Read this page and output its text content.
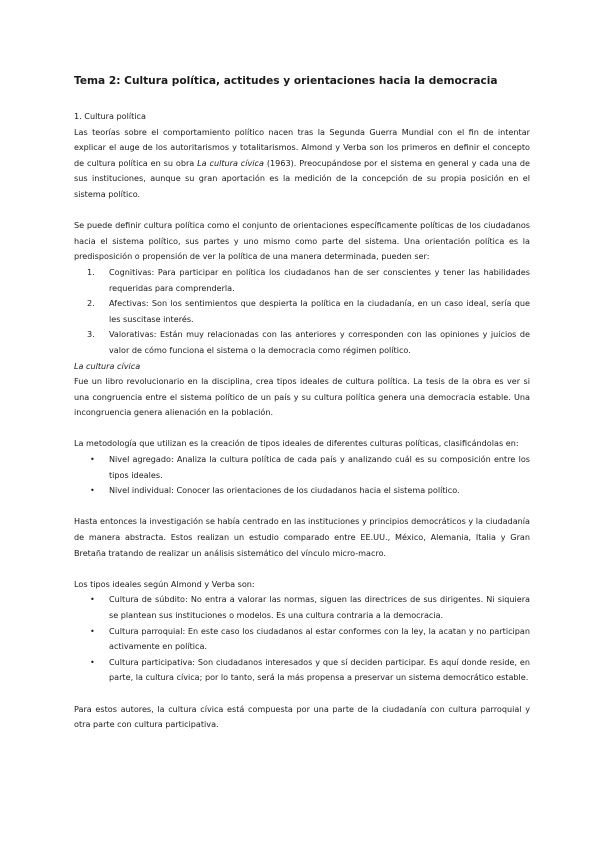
Tema 2: Cultura política, actitudes y orientaciones hacia la democracia

1. Cultura política

Las teorías sobre el comportamiento político nacen tras la Segunda Guerra Mundial con el fin de intentar explicar el auge de los autoritarismos y totalitarismos. Almond y Verba son los primeros en definir el concepto de cultura política en su obra La cultura cívica (1963). Preocupándose por el sistema en general y cada una de sus instituciones, aunque su gran aportación es la medición de la concepción de su propia posición en el sistema político.

Se puede definir cultura política como el conjunto de orientaciones específicamente políticas de los ciudadanos hacia el sistema político, sus partes y uno mismo como parte del sistema. Una orientación política es la predisposición o propensión de ver la política de una manera determinada, pueden ser:

1. Cognitivas: Para participar en política los ciudadanos han de ser conscientes y tener las habilidades requeridas para comprenderla.
2. Afectivas: Son los sentimientos que despierta la política en la ciudadanía, en un caso ideal, sería que les suscitase interés.
3. Valorativas: Están muy relacionadas con las anteriores y corresponden con las opiniones y juicios de valor de cómo funciona el sistema o la democracia como régimen político.

La cultura cívica

Fue un libro revolucionario en la disciplina, crea tipos ideales de cultura política. La tesis de la obra es ver si una congruencia entre el sistema político de un país y su cultura política genera una democracia estable. Una incongruencia genera alienación en la población.

La metodología que utilizan es la creación de tipos ideales de diferentes culturas políticas, clasificándolas en:

• Nivel agregado: Analiza la cultura política de cada país y analizando cuál es su composición entre los tipos ideales.
• Nivel individual: Conocer las orientaciones de los ciudadanos hacia el sistema político.

Hasta entonces la investigación se había centrado en las instituciones y principios democráticos y la ciudadanía de manera abstracta. Estos realizan un estudio comparado entre EE.UU., México, Alemania, Italia y Gran Bretaña tratando de realizar un análisis sistemático del vínculo micro-macro.

Los tipos ideales según Almond y Verba son:

• Cultura de súbdito: No entra a valorar las normas, siguen las directrices de sus dirigentes. Ni siquiera se plantean sus instituciones o modelos. Es una cultura contraria a la democracia.
• Cultura parroquial: En este caso los ciudadanos al estar conformes con la ley, la acatan y no participan activamente en política.
• Cultura participativa: Son ciudadanos interesados y que sí deciden participar. Es aquí donde reside, en parte, la cultura cívica; por lo tanto, será la más propensa a preservar un sistema democrático estable.

Para estos autores, la cultura cívica está compuesta por una parte de la ciudadanía con cultura parroquial y otra parte con cultura participativa.
